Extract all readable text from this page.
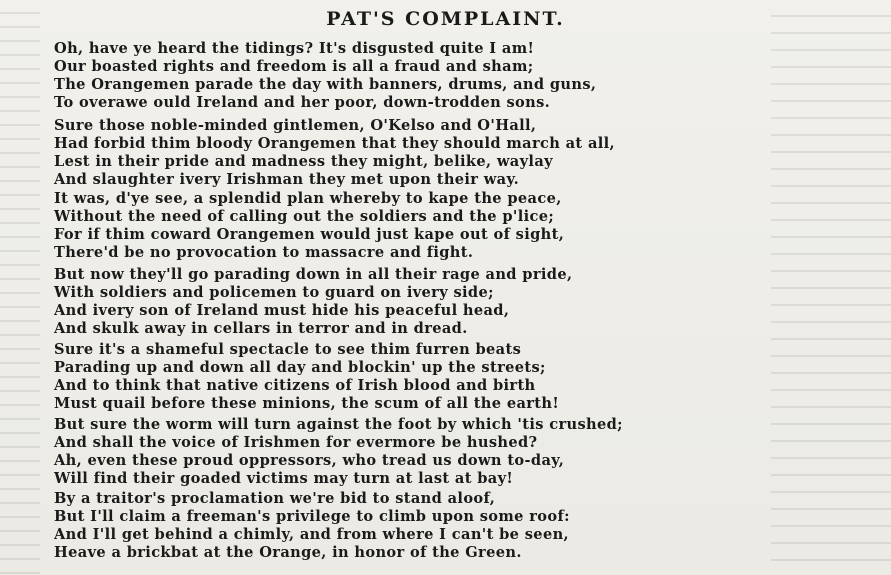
PAT'S COMPLAINT.
Oh, have ye heard the tidings? It's disgusted quite I am!
Our boasted rights and freedom is all a fraud and sham;
The Orangemen parade the day with banners, drums, and guns,
To overawe ould Ireland and her poor, down-trodden sons.
Sure those noble-minded gintlemen, O'Kelso and O'Hall,
Had forbid thim bloody Orangemen that they should march at all,
Lest in their pride and madness they might, belike, waylay
And slaughter ivery Irishman they met upon their way.
It was, d'ye see, a splendid plan whereby to kape the peace,
Without the need of calling out the soldiers and the p'lice;
For if thim coward Orangemen would just kape out of sight,
There'd be no provocation to massacre and fight.
But now they'll go parading down in all their rage and pride,
With soldiers and policemen to guard on ivery side;
And ivery son of Ireland must hide his peaceful head,
And skulk away in cellars in terror and in dread.
Sure it's a shameful spectacle to see thim furren beats
Parading up and down all day and blockin' up the streets;
And to think that native citizens of Irish blood and birth
Must quail before these minions, the scum of all the earth!
But sure the worm will turn against the foot by which 'tis crushed;
And shall the voice of Irishmen for evermore be hushed?
Ah, even these proud oppressors, who tread us down to-day,
Will find their goaded victims may turn at last at bay!
By a traitor's proclamation we're bid to stand aloof,
But I'll claim a freeman's privilege to climb upon some roof:
And I'll get behind a chimly, and from where I can't be seen,
Heave a brickbat at the Orange, in honor of the Green.
